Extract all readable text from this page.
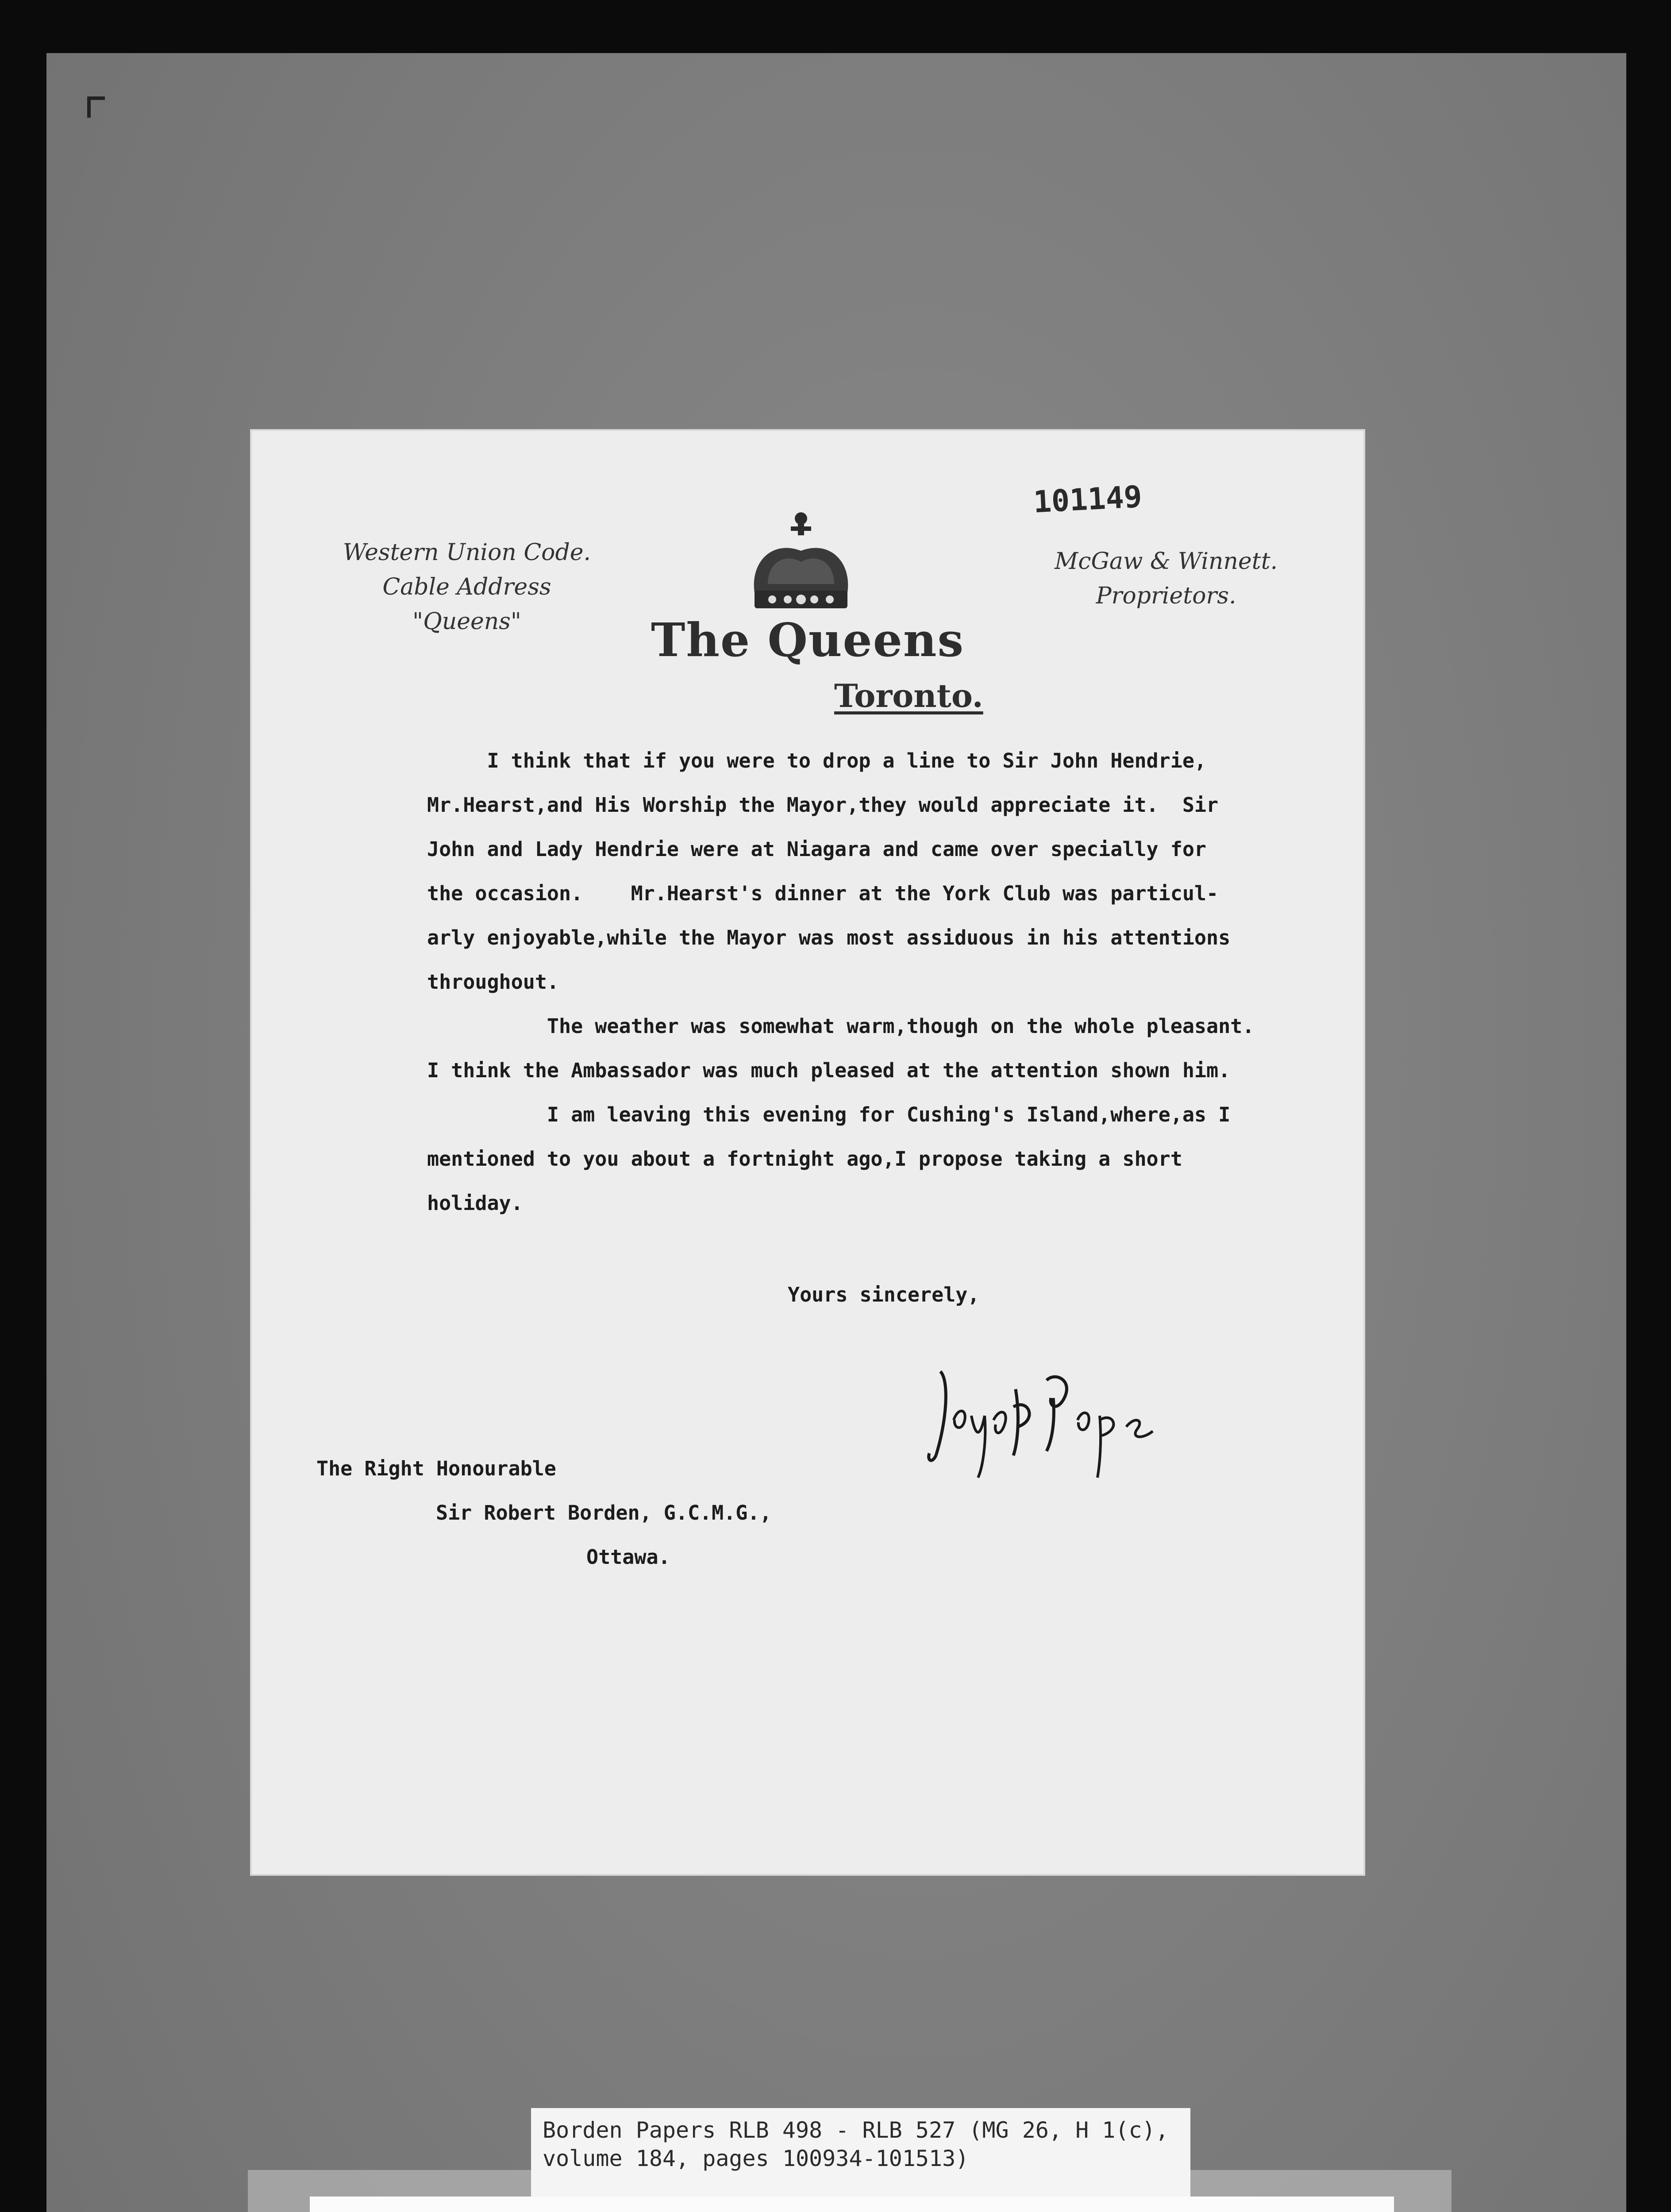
101149
Western Union Code.
Cable Address "Queens"	The Queens
Toronto.
McGaw & Winnett.
Proprietors.
I think that if you were to drop a line to Sir John Hendrie,
Mr.Hearst,and His Worship the Mayor,they would appreciate it.  Sir
John and Lady Hendrie were at Niagara and came over specially for
the occasion.    Mr.Hearst's dinner at the York Club was particul-
arly enjoyable,while the Mayor was most assiduous in his attentions
throughout.
The weather was somewhat warm,though on the whole pleasant.
I think the Ambassador was much pleased at the attention shown him.
I am leaving this evening for Cushing's Island,where,as I
mentioned to you about a fortnight ago,I propose taking a short
holiday.
Yours sincerely,
The Right Honourable
Sir Robert Borden, G.C.M.G.,
Ottawa.
Borden Papers RLB 498 - RLB 527 (MG 26, H 1(c),
volume 184, pages 100934-101513)
